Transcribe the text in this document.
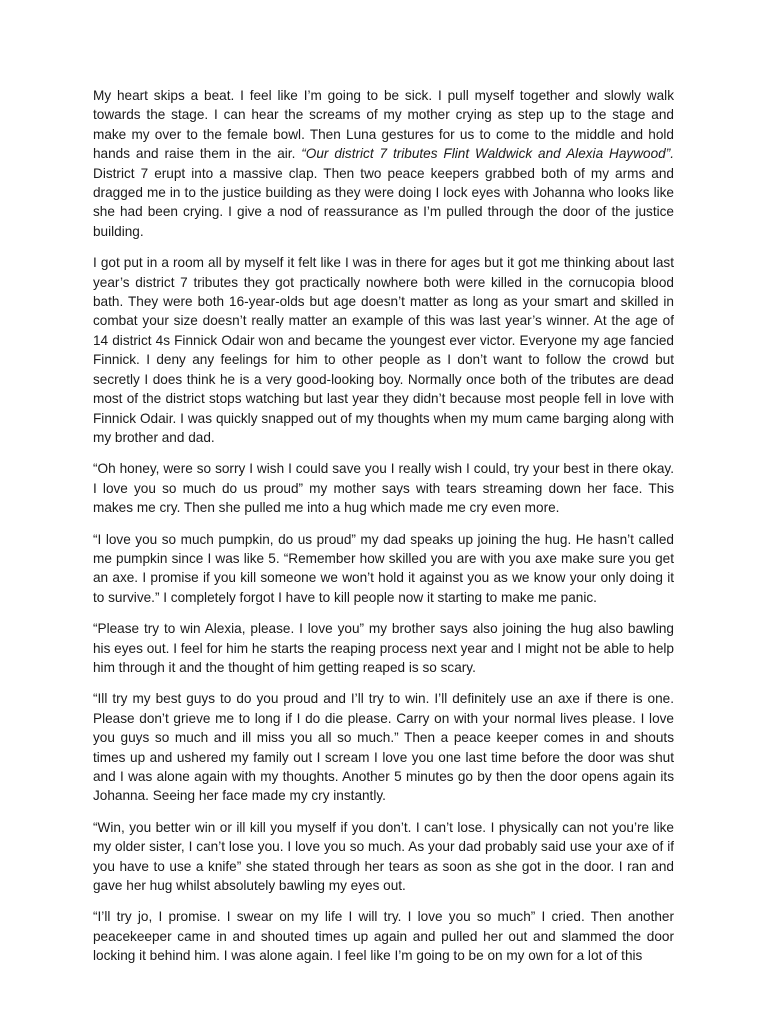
My heart skips a beat. I feel like I’m going to be sick. I pull myself together and slowly walk towards the stage. I can hear the screams of my mother crying as step up to the stage and make my over to the female bowl. Then Luna gestures for us to come to the middle and hold hands and raise them in the air. “Our district 7 tributes Flint Waldwick and Alexia Haywood”. District 7 erupt into a massive clap. Then two peace keepers grabbed both of my arms and dragged me in to the justice building as they were doing I lock eyes with Johanna who looks like she had been crying. I give a nod of reassurance as I’m pulled through the door of the justice building.

I got put in a room all by myself it felt like I was in there for ages but it got me thinking about last year’s district 7 tributes they got practically nowhere both were killed in the cornucopia blood bath. They were both 16-year-olds but age doesn’t matter as long as your smart and skilled in combat your size doesn’t really matter an example of this was last year’s winner. At the age of 14 district 4s Finnick Odair won and became the youngest ever victor. Everyone my age fancied Finnick. I deny any feelings for him to other people as I don’t want to follow the crowd but secretly I does think he is a very good-looking boy. Normally once both of the tributes are dead most of the district stops watching but last year they didn’t because most people fell in love with Finnick Odair. I was quickly snapped out of my thoughts when my mum came barging along with my brother and dad.

“Oh honey, were so sorry I wish I could save you I really wish I could, try your best in there okay. I love you so much do us proud” my mother says with tears streaming down her face. This makes me cry. Then she pulled me into a hug which made me cry even more.

“I love you so much pumpkin, do us proud” my dad speaks up joining the hug. He hasn’t called me pumpkin since I was like 5. “Remember how skilled you are with you axe make sure you get an axe. I promise if you kill someone we won’t hold it against you as we know your only doing it to survive.” I completely forgot I have to kill people now it starting to make me panic.

“Please try to win Alexia, please. I love you” my brother says also joining the hug also bawling his eyes out. I feel for him he starts the reaping process next year and I might not be able to help him through it and the thought of him getting reaped is so scary.

“Ill try my best guys to do you proud and I’ll try to win. I’ll definitely use an axe if there is one. Please don’t grieve me to long if I do die please. Carry on with your normal lives please. I love you guys so much and ill miss you all so much.” Then a peace keeper comes in and shouts times up and ushered my family out I scream I love you one last time before the door was shut and I was alone again with my thoughts. Another 5 minutes go by then the door opens again its Johanna. Seeing her face made my cry instantly.

“Win, you better win or ill kill you myself if you don’t. I can’t lose. I physically can not you’re like my older sister, I can’t lose you. I love you so much. As your dad probably said use your axe of if you have to use a knife” she stated through her tears as soon as she got in the door. I ran and gave her hug whilst absolutely bawling my eyes out.

“I’ll try jo, I promise. I swear on my life I will try. I love you so much” I cried. Then another peacekeeper came in and shouted times up again and pulled her out and slammed the door locking it behind him. I was alone again. I feel like I’m going to be on my own for a lot of this
